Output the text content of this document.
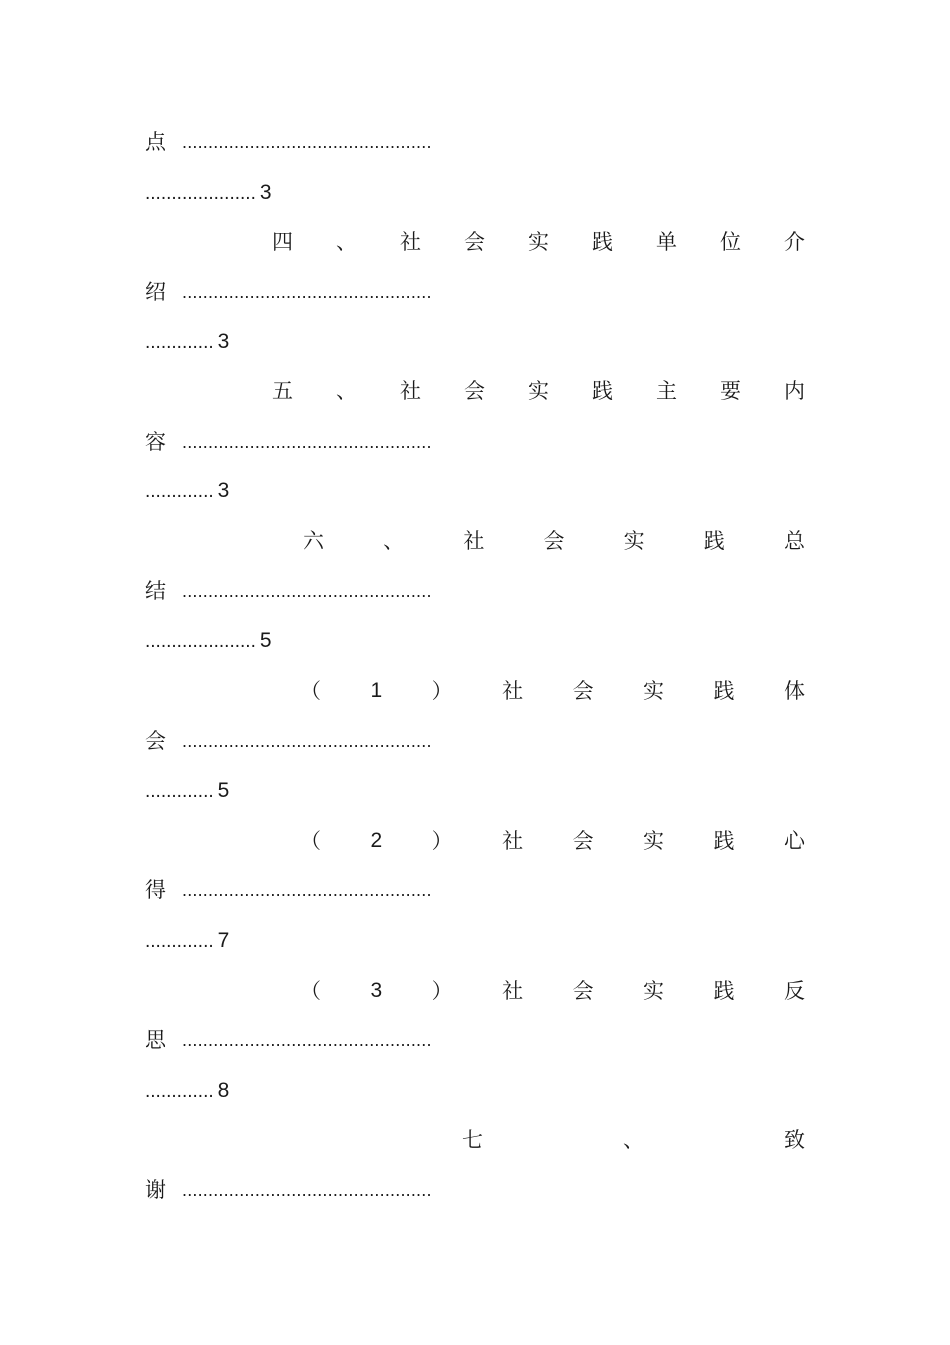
点 ................................................
..................... 3
四 、 社 会 实 践 单 位 介
绍 ................................................
............. 3
五 、 社 会 实 践 主 要 内
容 ................................................
............. 3
六	、	社	会	实	践	总
结 ................................................
..................... 5
（ 1 ） 社 会 实 践 体
会 ................................................
............. 5
（ 2 ） 社 会 实 践 心
得 ................................................
............. 7
（ 3 ） 社 会 实 践 反
思 ................................................
............. 8
七	、	致
谢 ................................................
